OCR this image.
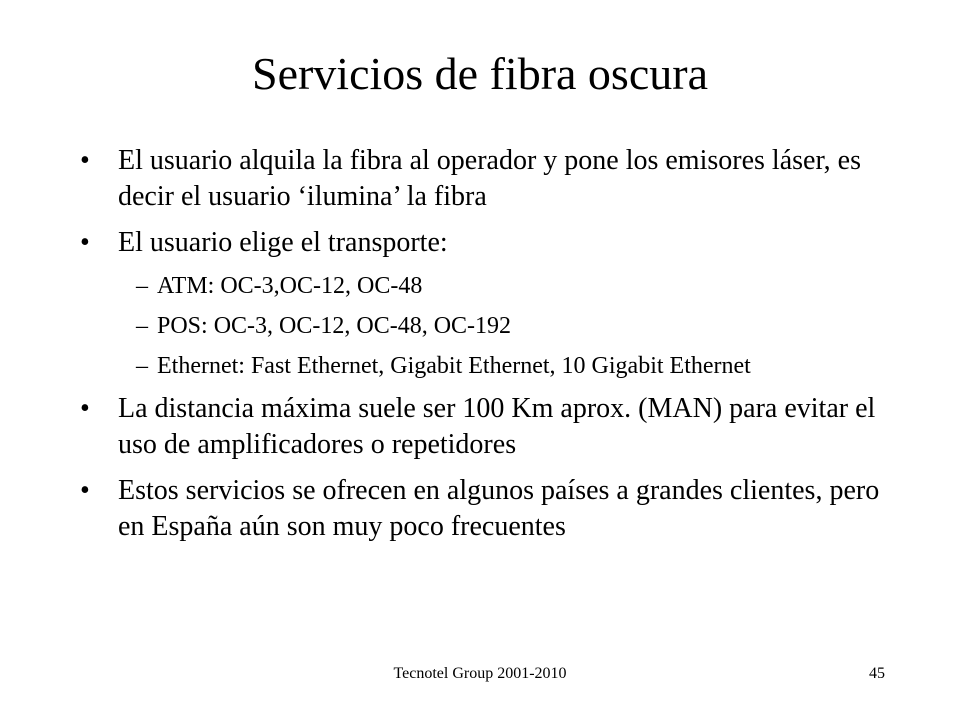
Servicios de fibra oscura
• El usuario alquila la fibra al operador y pone los emisores láser, es decir el usuario ‘ilumina’ la fibra
• El usuario elige el transporte:
– ATM: OC-3,OC-12, OC-48
– POS: OC-3, OC-12, OC-48, OC-192
– Ethernet: Fast Ethernet, Gigabit Ethernet, 10 Gigabit Ethernet
• La distancia máxima suele ser 100 Km aprox. (MAN) para evitar el uso de amplificadores o repetidores
• Estos servicios se ofrecen en algunos países a grandes clientes, pero en España aún son muy poco frecuentes
Tecnotel Group 2001-2010	45
